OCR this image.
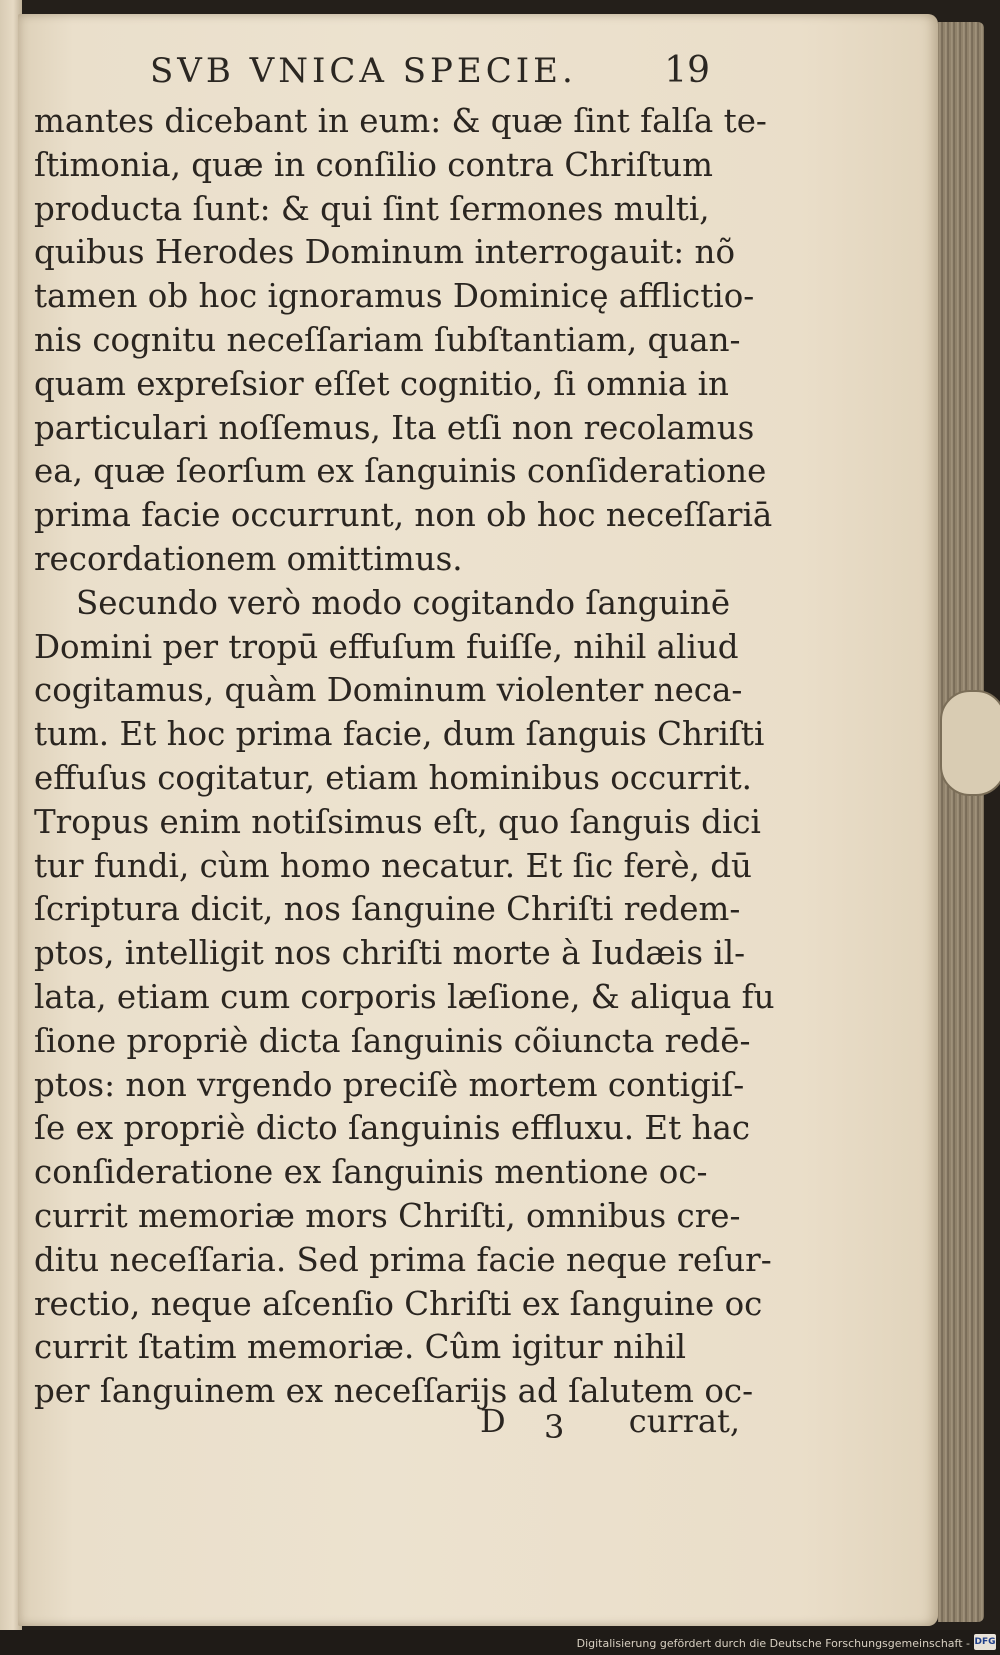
SVB VNICA SPECIE. 19
mantes dicebant in eum: & quæ ſint falſa te-
ſtimonia, quæ in conſilio contra Chriſtum
producta ſunt: & qui ſint ſermones multi,
quibus Herodes Dominum interrogauit: nõ
tamen ob hoc ignoramus Dominicę afflictio-
nis cognitu neceſſariam ſubſtantiam, quan-
quam expreſsior eſſet cognitio, ſi omnia in
particulari noſſemus, Ita etſi non recolamus
ea, quæ ſeorſum ex ſanguinis conſideratione
prima facie occurrunt, non ob hoc neceſſariā
recordationem omittimus.
Secundo verò modo cogitando ſanguinē
Domini per tropū effuſum fuiſſe, nihil aliud
cogitamus, quàm Dominum violenter neca-
tum. Et hoc prima facie, dum ſanguis Chriſti
effuſus cogitatur, etiam hominibus occurrit.
Tropus enim notiſsimus eſt, quo ſanguis dici
tur fundi, cùm homo necatur. Et ſic ferè, dū
ſcriptura dicit, nos ſanguine Chriſti redem-
ptos, intelligit nos chriſti morte à Iudæis il-
lata, etiam cum corporis læſione, & aliqua fu
ſione propriè dicta ſanguinis cõiuncta redē-
ptos: non vrgendo preciſè mortem contigiſ-
ſe ex propriè dicto ſanguinis effluxu. Et hac
conſideratione ex ſanguinis mentione oc-
currit memoriæ mors Chriſti, omnibus cre-
ditu neceſſaria. Sed prima facie neque reſur-
rectio, neque aſcenſio Chriſti ex ſanguine oc
currit ſtatim memoriæ. Cûm igitur nihil
per ſanguinem ex neceſſarijs ad ſalutem oc-
D 3 currat,
Digitalisierung gefördert durch die Deutsche Forschungsgemeinschaft - DFG
